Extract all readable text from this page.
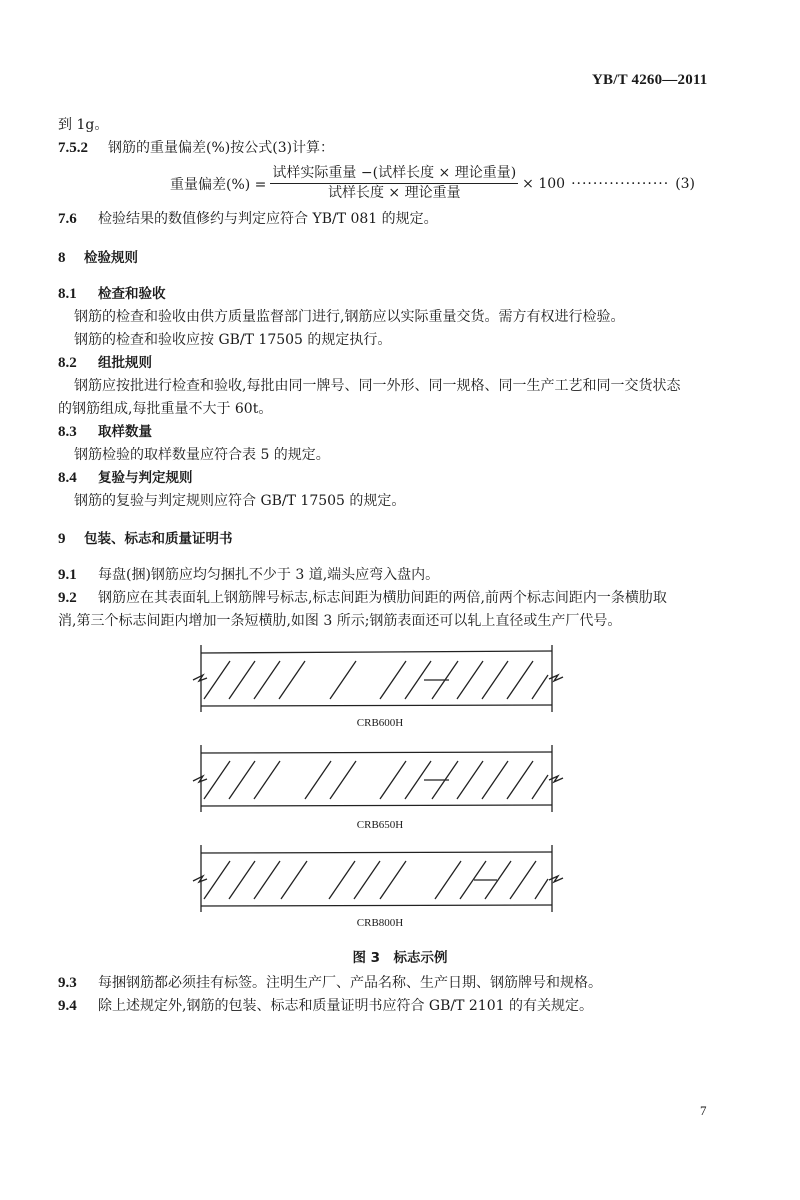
YB/T 4260—2011
到 1g。
7.5.2 钢筋的重量偏差(%)按公式(3)计算：
重量偏差(%) = $\frac{\text{试样实际重量 −(试样长度 × 理论重量)}}{\text{试样长度 × 理论重量}} \times 100$ ·················· (3)
7.6 检验结果的数值修约与判定应符合 YB/T 081 的规定。
8 检验规则
8.1 检查和验收
钢筋的检查和验收由供方质量监督部门进行,钢筋应以实际重量交货。需方有权进行检验。
钢筋的检查和验收应按 GB/T 17505 的规定执行。
8.2 组批规则
钢筋应按批进行检查和验收,每批由同一牌号、同一外形、同一规格、同一生产工艺和同一交货状态
的钢筋组成,每批重量不大于 60t。
8.3 取样数量
钢筋检验的取样数量应符合表 5 的规定。
8.4 复验与判定规则
钢筋的复验与判定规则应符合 GB/T 17505 的规定。
9 包装、标志和质量证明书
9.1 每盘(捆)钢筋应均匀捆扎不少于 3 道,端头应弯入盘内。
9.2 钢筋应在其表面轧上钢筋牌号标志,标志间距为横肋间距的两倍,前两个标志间距内一条横肋取
消,第三个标志间距内增加一条短横肋,如图 3 所示;钢筋表面还可以轧上直径或生产厂代号。
CRB600H
CRB650H
CRB800H
图 3　标志示例
9.3 每捆钢筋都必须挂有标签。注明生产厂、产品名称、生产日期、钢筋牌号和规格。
9.4 除上述规定外,钢筋的包装、标志和质量证明书应符合 GB/T 2101 的有关规定。
7
